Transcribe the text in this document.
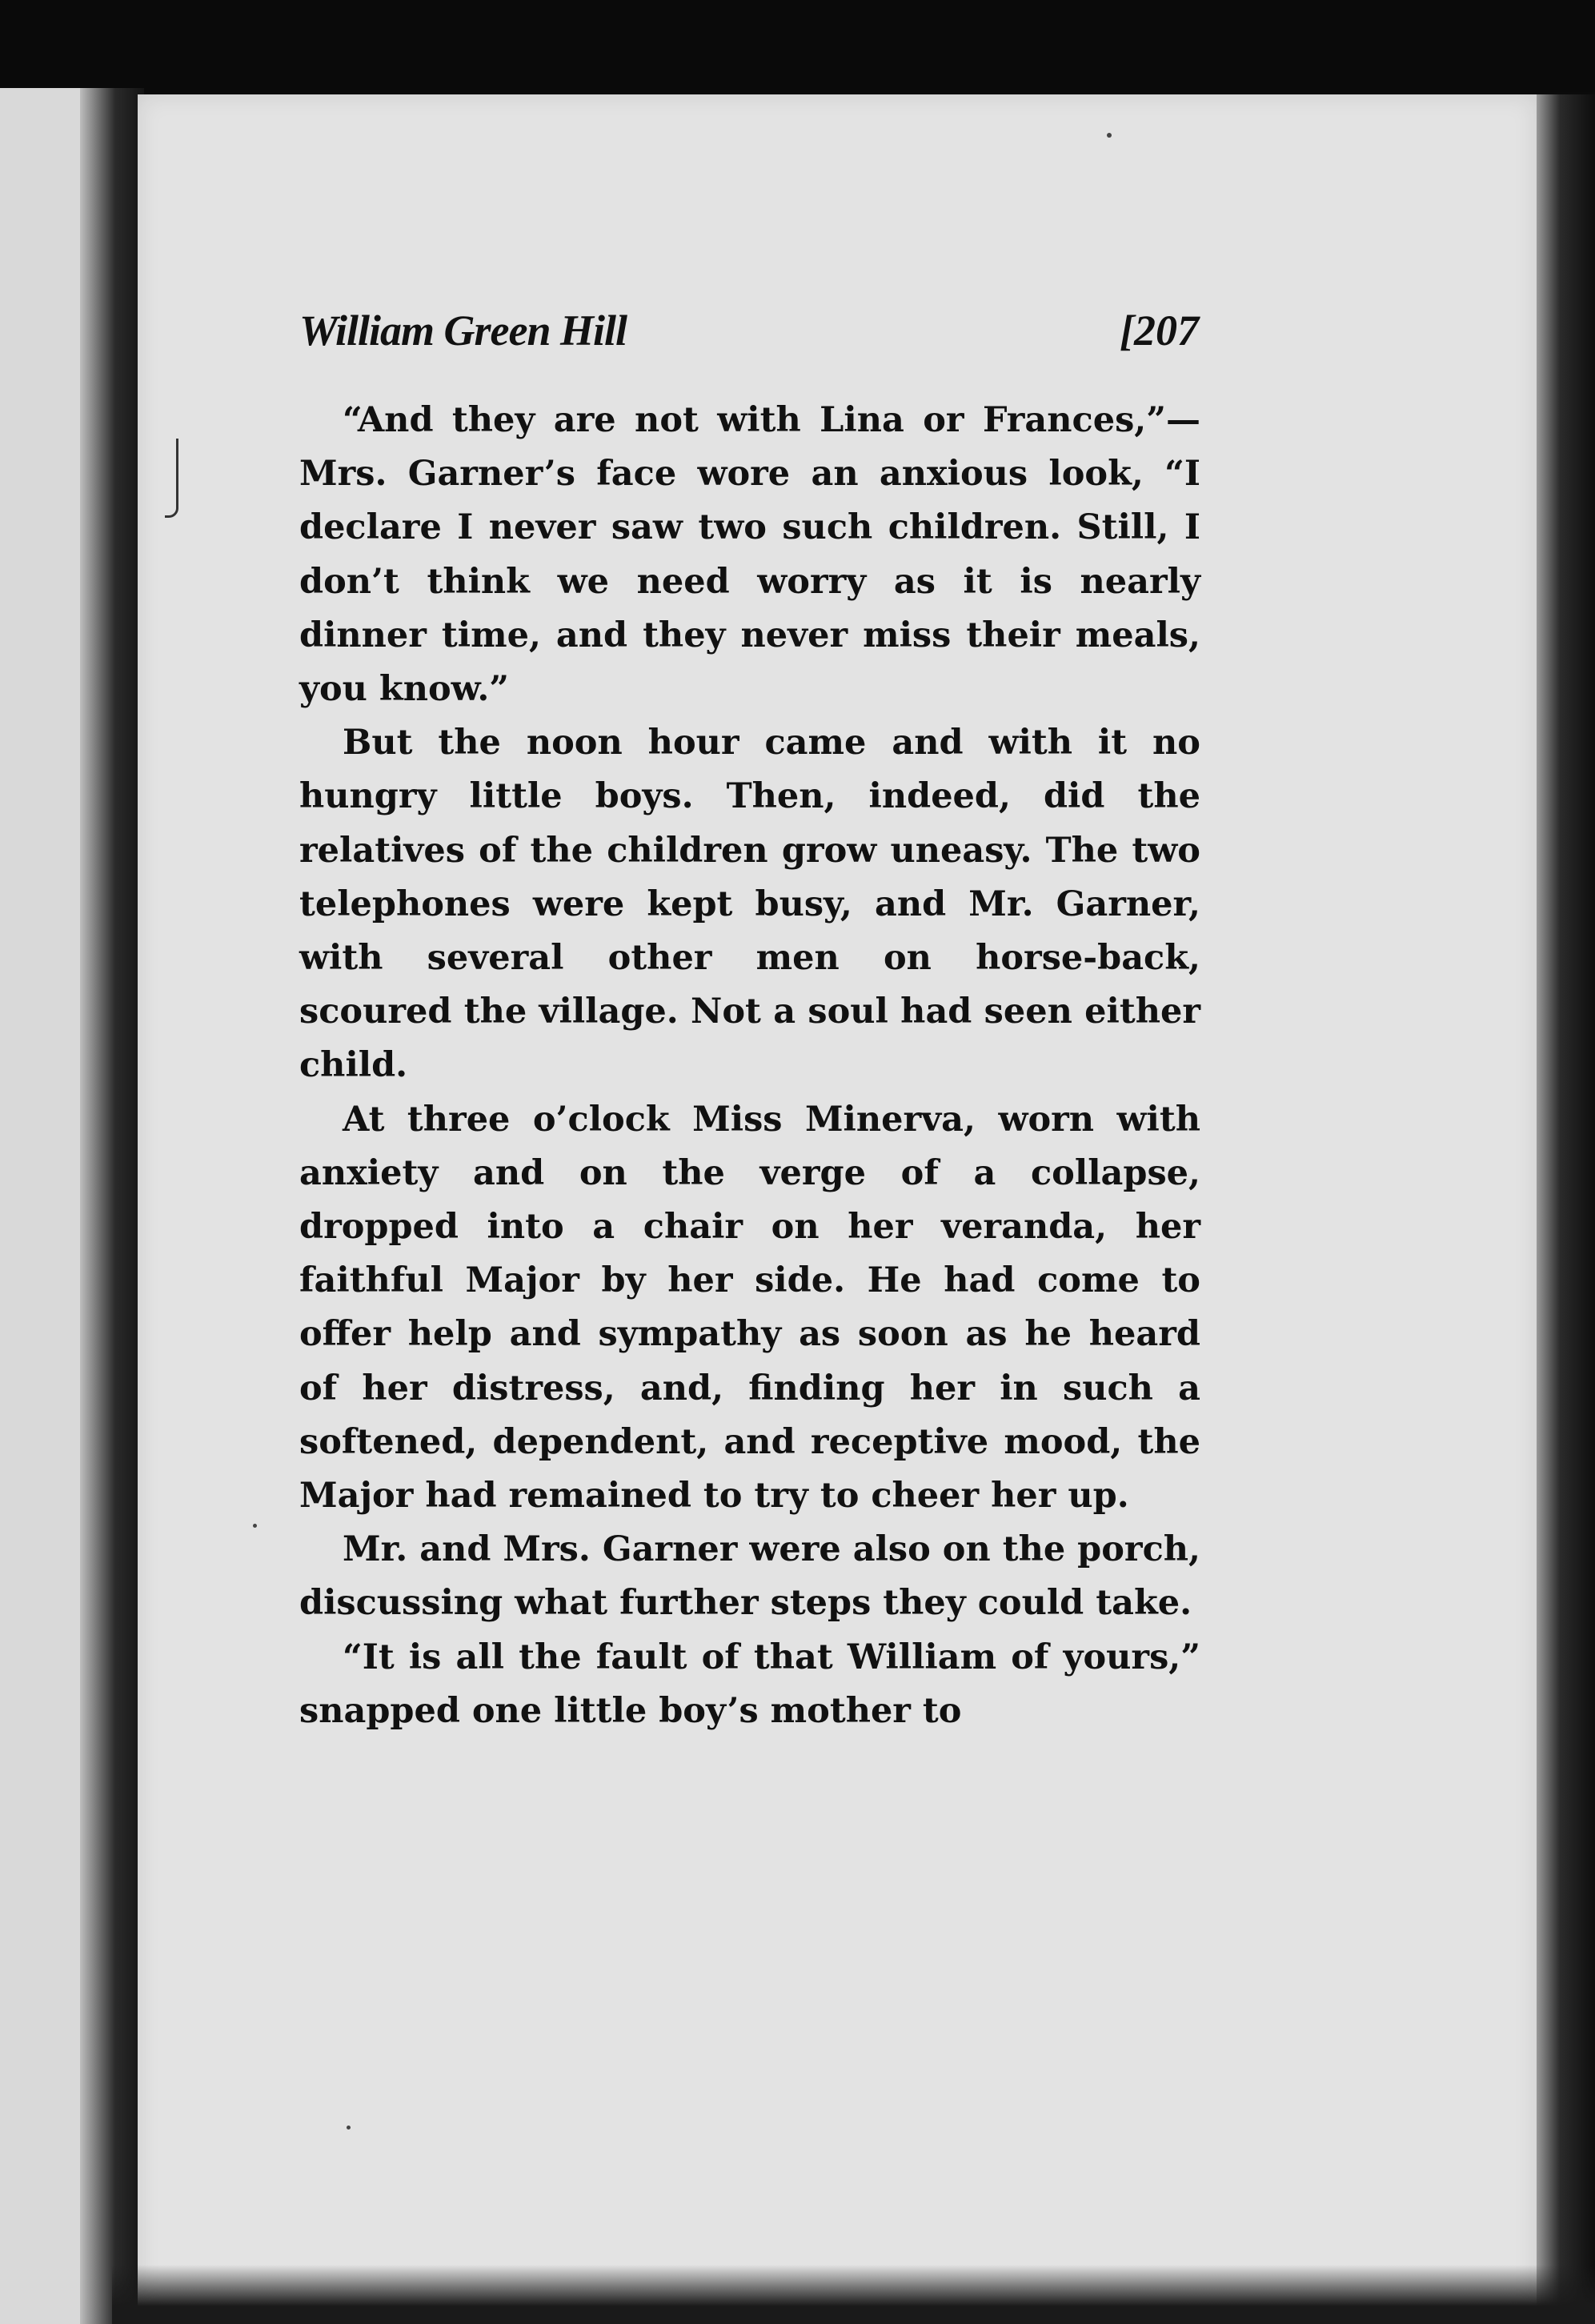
William Green Hill	[207

“And they are not with Lina or Frances,”— Mrs. Garner’s face wore an anxious look, “I declare I never saw two such children. Still, I don’t think we need worry as it is nearly dinner time, and they never miss their meals, you know.”

But the noon hour came and with it no hungry little boys. Then, indeed, did the relatives of the children grow uneasy. The two telephones were kept busy, and Mr. Garner, with several other men on horse-back, scoured the village. Not a soul had seen either child.

At three o’clock Miss Minerva, worn with anxiety and on the verge of a collapse, dropped into a chair on her veranda, her faithful Major by her side. He had come to offer help and sympathy as soon as he heard of her distress, and, finding her in such a softened, dependent, and receptive mood, the Major had remained to try to cheer her up.

Mr. and Mrs. Garner were also on the porch, discussing what further steps they could take.

“It is all the fault of that William of yours,” snapped one little boy’s mother to
